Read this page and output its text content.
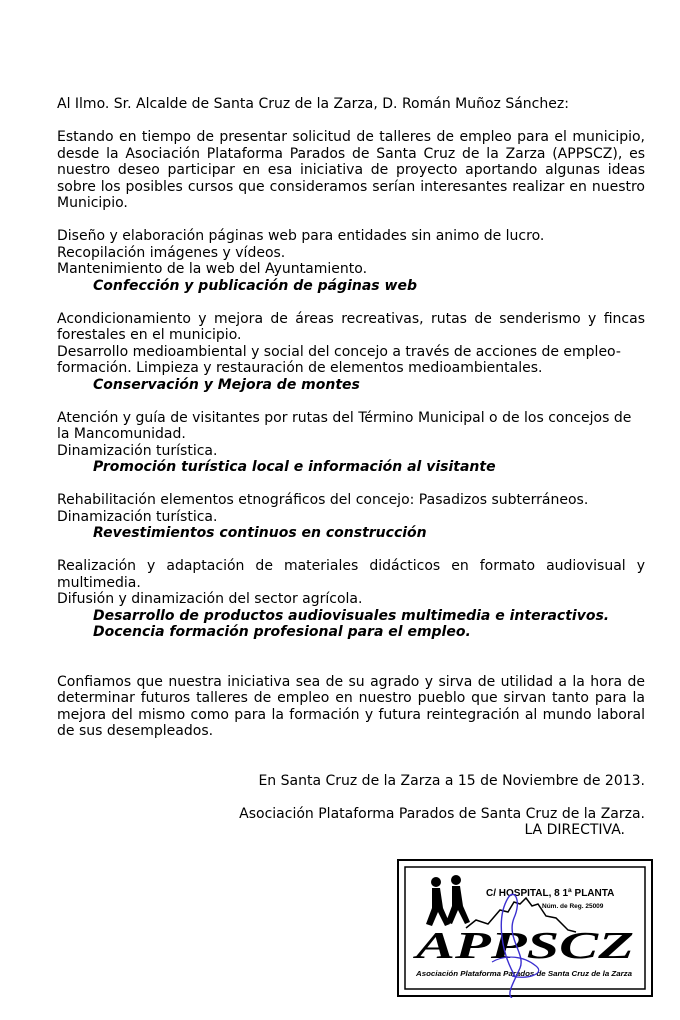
Al Ilmo. Sr. Alcalde de Santa Cruz de la Zarza, D. Román Muñoz Sánchez:

Estando en tiempo de presentar solicitud de talleres de empleo para el municipio, desde la Asociación Plataforma Parados de Santa Cruz de la Zarza (APPSCZ), es nuestro deseo participar en esa iniciativa de proyecto aportando algunas ideas sobre los posibles cursos que consideramos serían interesantes realizar en nuestro Municipio.

Diseño y elaboración páginas web para entidades sin animo de lucro.

Recopilación imágenes y vídeos.

Mantenimiento de la web del Ayuntamiento.

Confección y publicación de páginas web

Acondicionamiento y mejora de áreas recreativas, rutas de senderismo y fincas forestales en el municipio.

Desarrollo medioambiental y social del concejo a través de acciones de empleo-formación. Limpieza y restauración de elementos medioambientales.

Conservación y Mejora de montes

Atención y guía de visitantes por rutas del Término Municipal o de los concejos de la Mancomunidad.

Dinamización turística.

Promoción turística local e información al visitante

Rehabilitación elementos etnográficos del concejo: Pasadizos subterráneos.

Dinamización turística.

Revestimientos continuos en construcción

Realización y adaptación de materiales didácticos en formato audiovisual y multimedia.

Difusión y dinamización del sector agrícola.

Desarrollo de productos audiovisuales multimedia e interactivos.

Docencia formación profesional para el empleo.

Confiamos que nuestra iniciativa sea de su agrado y sirva de utilidad a la hora de determinar futuros talleres de empleo en nuestro pueblo que sirvan tanto para la mejora del mismo como para la formación y futura reintegración al mundo laboral de sus desempleados.

En Santa Cruz de la Zarza a 15 de Noviembre de 2013.

Asociación Plataforma Parados de Santa Cruz de la Zarza.

LA DIRECTIVA.

C/ HOSPITAL, 8 1ª PLANTA
Núm. de Reg. 25009
APPSCZ
Asociación Plataforma Parados de Santa Cruz de la Zarza
